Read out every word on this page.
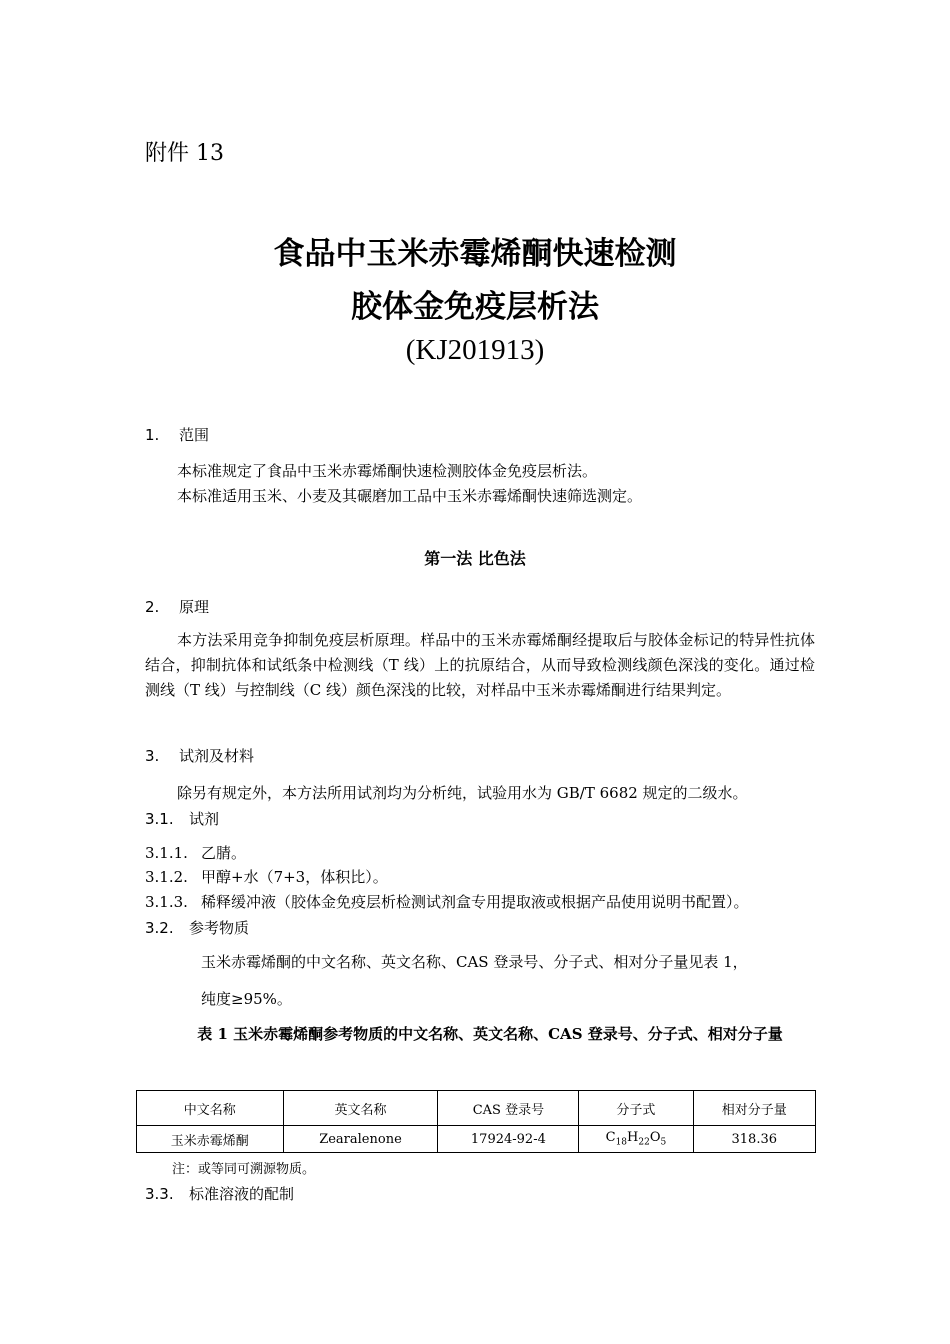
附件 13
食品中玉米赤霉烯酮快速检测
胶体金免疫层析法
(KJ201913)
1. 范围
本标准规定了食品中玉米赤霉烯酮快速检测胶体金免疫层析法。
本标准适用玉米、小麦及其碾磨加工品中玉米赤霉烯酮快速筛选测定。
第一法 比色法
2. 原理
本方法采用竞争抑制免疫层析原理。样品中的玉米赤霉烯酮经提取后与胶体金标记的特异性抗体结合，抑制抗体和试纸条中检测线（T 线）上的抗原结合，从而导致检测线颜色深浅的变化。通过检测线（T 线）与控制线（C 线）颜色深浅的比较，对样品中玉米赤霉烯酮进行结果判定。
3. 试剂及材料
除另有规定外，本方法所用试剂均为分析纯，试验用水为 GB/T 6682 规定的二级水。
3.1. 试剂
3.1.1. 乙腈。
3.1.2. 甲醇+水（7+3，体积比）。
3.1.3. 稀释缓冲液（胶体金免疫层析检测试剂盒专用提取液或根据产品使用说明书配置）。
3.2. 参考物质
玉米赤霉烯酮的中文名称、英文名称、CAS 登录号、分子式、相对分子量见表 1，
纯度≥95%。
表 1 玉米赤霉烯酮参考物质的中文名称、英文名称、CAS 登录号、分子式、相对分子量
中文名称	英文名称	CAS 登录号	分子式	相对分子量
玉米赤霉烯酮	Zearalenone	17924-92-4	$C_{18}H_{22}O_5$	318.36
注：或等同可溯源物质。
3.3. 标准溶液的配制
